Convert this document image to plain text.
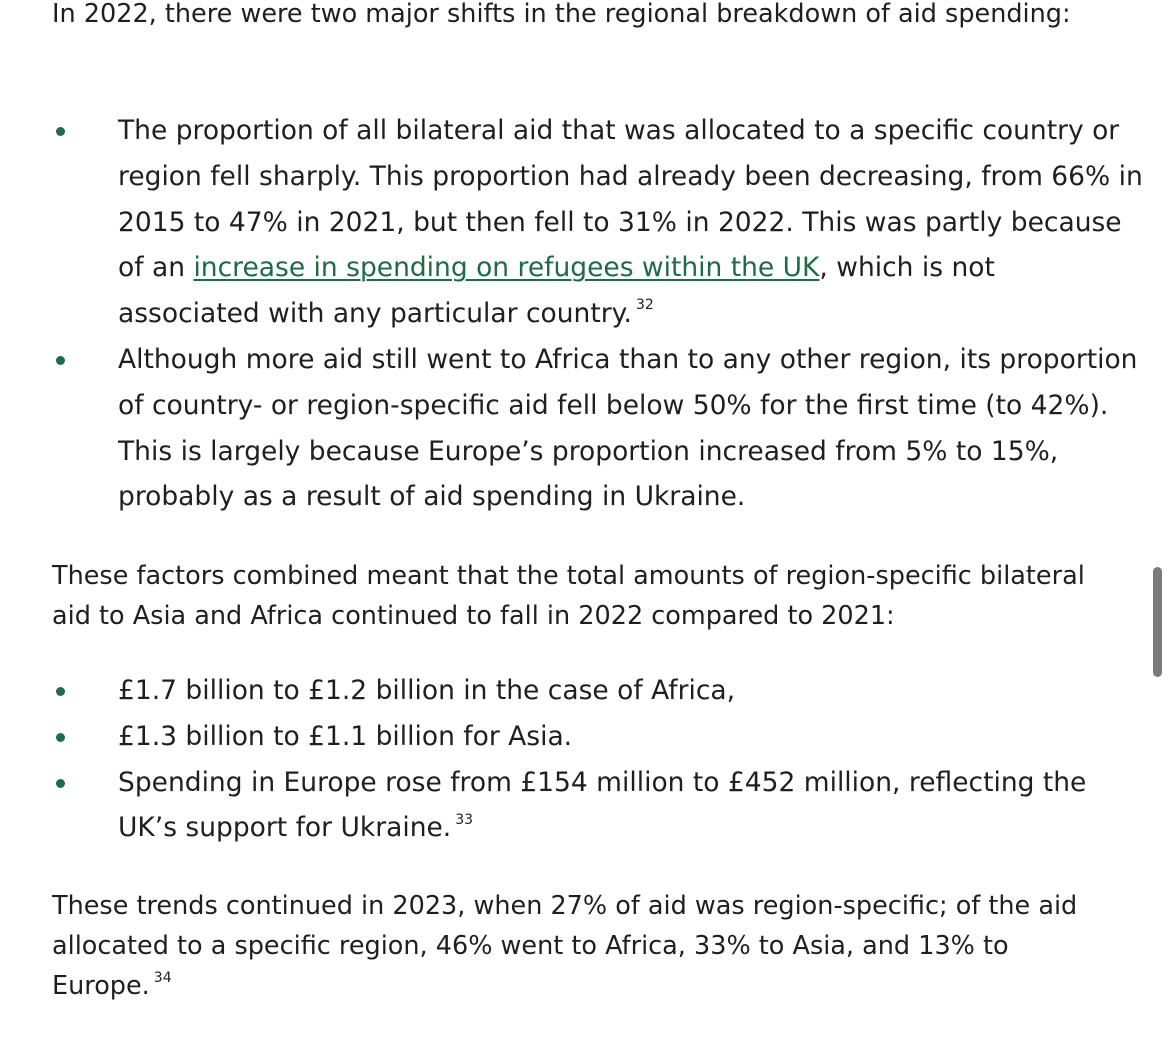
In 2022, there were two major shifts in the regional breakdown of aid spending:

The proportion of all bilateral aid that was allocated to a specific country or region fell sharply. This proportion had already been decreasing, from 66% in 2015 to 47% in 2021, but then fell to 31% in 2022. This was partly because of an increase in spending on refugees within the UK, which is not associated with any particular country. $^{32}$
Although more aid still went to Africa than to any other region, its proportion of country- or region-specific aid fell below 50% for the first time (to 42%). This is largely because Europe’s proportion increased from 5% to 15%, probably as a result of aid spending in Ukraine.

These factors combined meant that the total amounts of region-specific bilateral aid to Asia and Africa continued to fall in 2022 compared to 2021:

£1.7 billion to £1.2 billion in the case of Africa,
£1.3 billion to £1.1 billion for Asia.
Spending in Europe rose from £154 million to £452 million, reflecting the UK’s support for Ukraine. $^{33}$

These trends continued in 2023, when 27% of aid was region-specific; of the aid allocated to a specific region, 46% went to Africa, 33% to Asia, and 13% to Europe. $^{34}$
